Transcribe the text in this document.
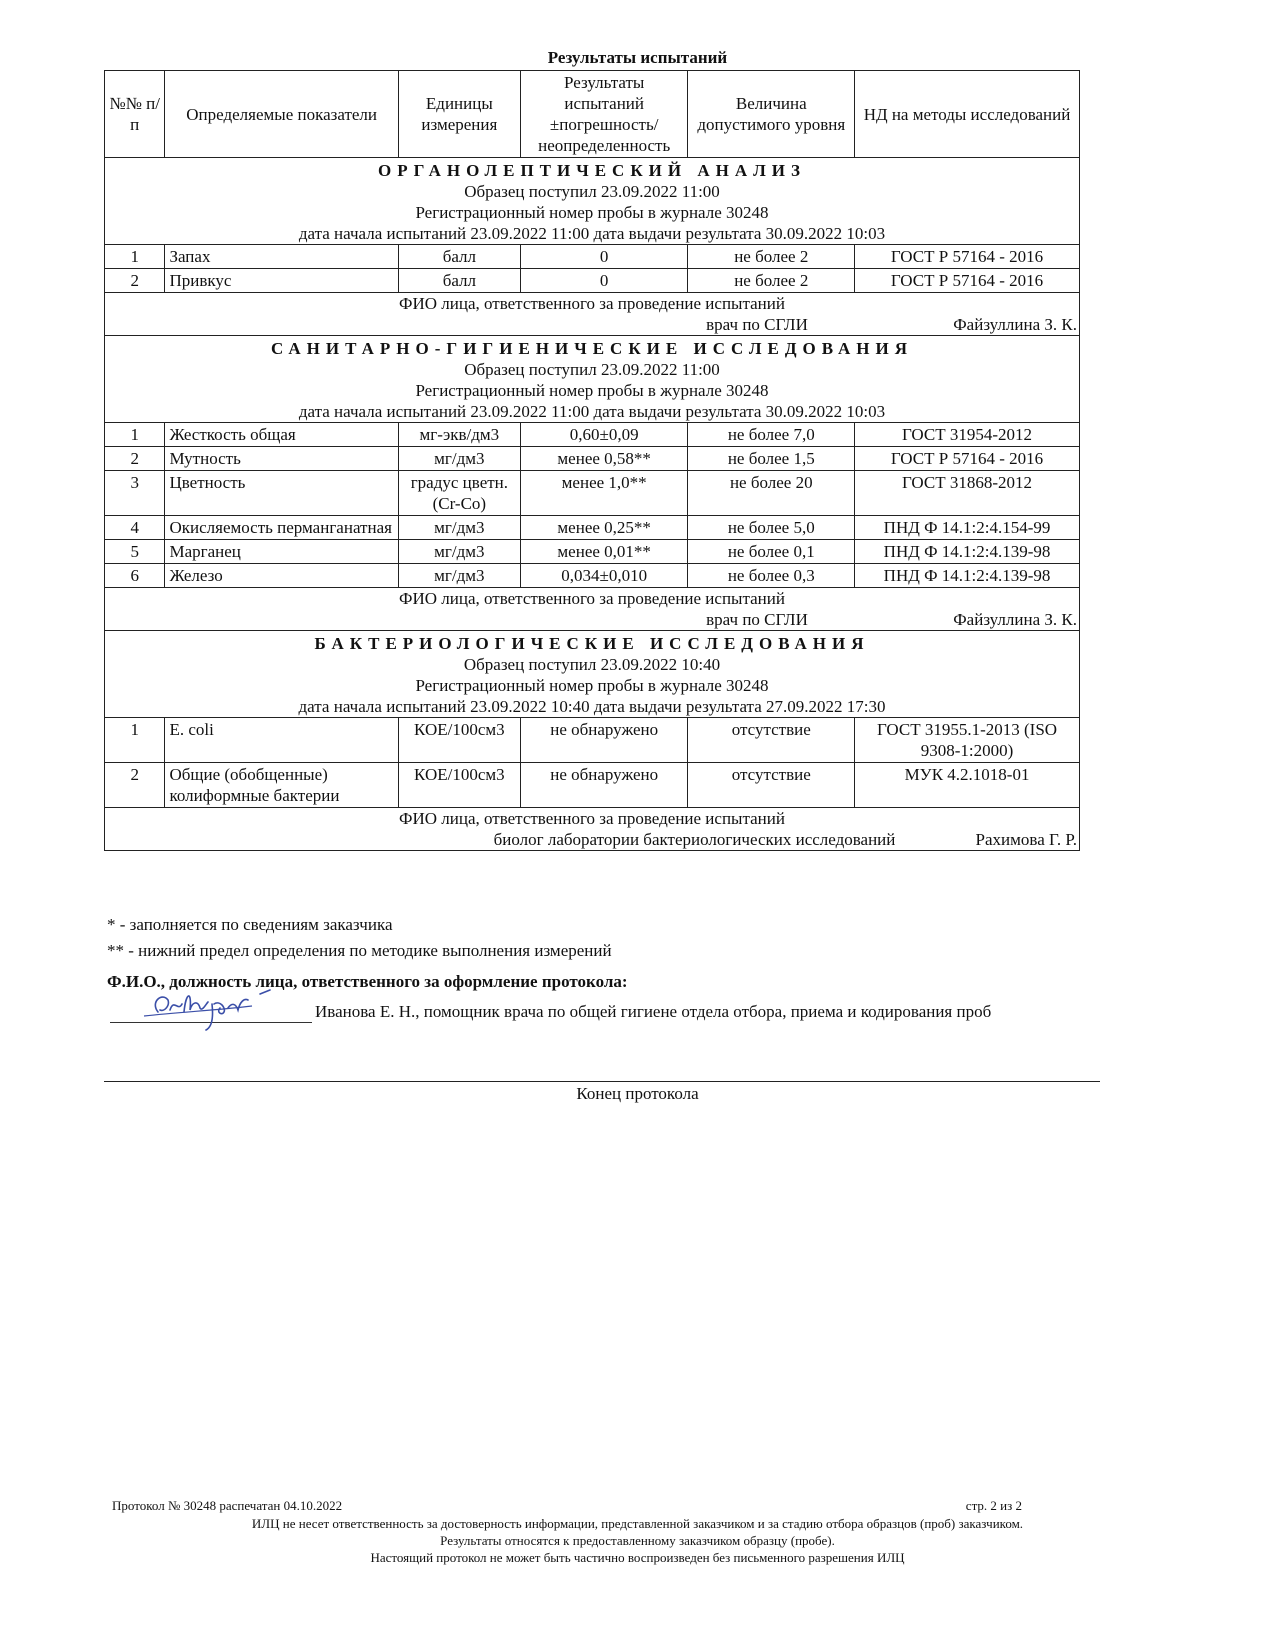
Результаты испытаний
№№ п/п	Определяемые показатели	Единицы измерения	Результаты испытаний ±погрешность/ неопределенность	Величина допустимого уровня	НД на методы исследований

ОРГАНОЛЕПТИЧЕСКИЙ АНАЛИЗ
Образец поступил 23.09.2022 11:00
Регистрационный номер пробы в журнале 30248
дата начала испытаний 23.09.2022 11:00 дата выдачи результата 30.09.2022 10:03					

1	Запах	балл	0	не более 2	ГОСТ Р 57164 - 2016
2	Привкус	балл	0	не более 2	ГОСТ Р 57164 - 2016

ФИО лица, ответственного за проведение испытаний
врач по СГЛИ Файзуллина З. К.					

САНИТАРНО-ГИГИЕНИЧЕСКИЕ ИССЛЕДОВАНИЯ
Образец поступил 23.09.2022 11:00
Регистрационный номер пробы в журнале 30248
дата начала испытаний 23.09.2022 11:00 дата выдачи результата 30.09.2022 10:03					

1	Жесткость общая	мг-экв/дм3	0,60±0,09	не более 7,0	ГОСТ 31954-2012
2	Мутность	мг/дм3	менее 0,58**	не более 1,5	ГОСТ Р 57164 - 2016
3	Цветность	градус цветн.(Cr-Co)	менее 1,0**	не более 20	ГОСТ 31868-2012
4	Окисляемость перманганатная	мг/дм3	менее 0,25**	не более 5,0	ПНД Ф 14.1:2:4.154-99
5	Марганец	мг/дм3	менее 0,01**	не более 0,1	ПНД Ф 14.1:2:4.139-98
6	Железо	мг/дм3	0,034±0,010	не более 0,3	ПНД Ф 14.1:2:4.139-98

ФИО лица, ответственного за проведение испытаний
врач по СГЛИ Файзуллина З. К.					

БАКТЕРИОЛОГИЧЕСКИЕ ИССЛЕДОВАНИЯ
Образец поступил 23.09.2022 10:40
Регистрационный номер пробы в журнале 30248
дата начала испытаний 23.09.2022 10:40 дата выдачи результата 27.09.2022 17:30					

1	E. coli	КОЕ/100см3	не обнаружено	отсутствие	ГОСТ 31955.1-2013 (ISO 9308-1:2000)
2	Общие (обобщенные) колиформные бактерии	КОЕ/100см3	не обнаружено	отсутствие	МУК 4.2.1018-01

ФИО лица, ответственного за проведение испытаний
биолог лаборатории бактериологических исследований Рахимова Г. Р.					
* - заполняется по сведениям заказчика
** - нижний предел определения по методике выполнения измерений
Ф.И.О., должность лица, ответственного за оформление протокола:
Иванова Е. Н., помощник врача по общей гигиене отдела отбора, приема и кодирования проб
Конец протокола
Протокол № 30248 распечатан 04.10.2022	стр. 2 из 2
ИЛЦ не несет ответственность за достоверность информации, представленной заказчиком и за стадию отбора образцов (проб) заказчиком.
Результаты относятся к предоставленному заказчиком образцу (пробе).
Настоящий протокол не может быть частично воспроизведен без письменного разрешения ИЛЦ
